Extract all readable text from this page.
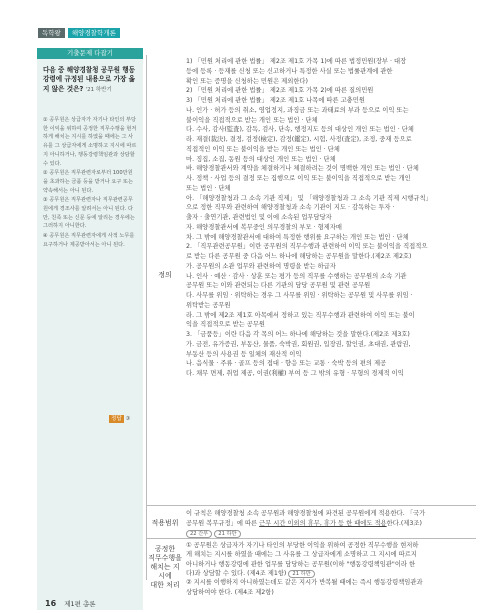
독학왕	해양경찰학개론
기출문제 다잡기
다음 중 해양경찰청 공무원 행동강령에 규정된 내용으로 가장 옳지 않은 것은? '21 하반기

① 공무원은 상급자가 자기나 타인의 부당한 이익을 위하여 공정한 직무수행을 현저하게 해치는 지시를 하였을 때에는 그 사유를 그 상급자에게 소명하고 지시에 따르지 아니하거나, 행동강령책임관과 상담할 수 있다.

② 공무원은 직무관련자로부터 100만원을 초과하는 금품 등을 받거나 요구 또는 약속해서는 아니 된다.

③ 공무원은 직무관련자나 직무관련공무원에게 경조사를 알려서는 아니 된다. 다만, 친족 또는 신문 등에 알리는 경우에는 그러하지 아니한다.

④ 공무원은 직무관련자에게 사적 노무를 요구하거나 제공받아서는 아니 된다.

정답 ③
정의
1) 「민원 처리에 관한 법률」 제2조 제1호 가목 1)에 따른 법정민원(장부 · 대장
등에 등록 · 등재를 신청 또는 신고하거나 특정한 사실 또는 법률관계에 관한
확인 또는 증명을 신청하는 민원은 제외한다)
2) 「민원 처리에 관한 법률」 제2조 제1호 가목 2)에 따른 질의민원
3) 「민원 처리에 관한 법률」 제2조 제1호 나목에 따른 고충민원
나. 인가 · 허가 등의 취소, 영업정지, 과징금 또는 과태료의 부과 등으로 이익 또는
불이익을 직접적으로 받는 개인 또는 법인 · 단체
다. 수사, 감사(監査), 감독, 검사, 단속, 행정지도 등의 대상인 개인 또는 법인 · 단체
라. 재결(裁決), 결정, 검정(檢定), 감정(鑑定), 시험, 사정(査定), 조정, 중재 등으로
직접적인 이익 또는 불이익을 받는 개인 또는 법인 · 단체
마. 징집, 소집, 동원 등의 대상인 개인 또는 법인 · 단체
바. 해양경찰관서와 계약을 체결하거나 체결하려는 것이 명백한 개인 또는 법인 · 단체
사. 정책 · 사업 등의 결정 또는 집행으로 이익 또는 불이익을 직접적으로 받는 개인
또는 법인 · 단체
아. 「해양경찰청과 그 소속 기관 직제」 및 「해양경찰청과 그 소속 기관 직제 시행규칙」
으로 정한 직무와 관련하여 해양경찰청과 소속 기관이 지도 · 감독하는 투자 ·
출자 · 출연기관, 관련법인 및 이에 소속된 업무담당자
자. 해양경찰관서에 복무중인 의무경찰의 부모 · 형제자매
차. 그 밖에 해양경찰관서에 대하여 특정한 행위를 요구하는 개인 또는 법인 · 단체
2. 「직무관련공무원」이란 공무원의 직무수행과 관련하여 이익 또는 불이익을 직접적으
로 받는 다른 공무원 중 다음 어느 하나에 해당하는 공무원을 말한다.(제2조 제2호)
가. 공무원의 소관 업무와 관련하여 명령을 받는 하급자
나. 인사 · 예산 · 감사 · 상훈 또는 평가 등의 직무를 수행하는 공무원의 소속 기관
공무원 또는 이와 관련되는 다른 기관의 담당 공무원 및 관련 공무원
다. 사무를 위임 · 위탁하는 경우 그 사무를 위임 · 위탁하는 공무원 및 사무를 위임 ·
위탁받는 공무원
라. 그 밖에 제2조 제1호 아목에서 정하고 있는 직무수행과 관련하여 이익 또는 불이
익을 직접적으로 받는 공무원
3. 「금품등」이란 다음 각 목의 어느 하나에 해당하는 것을 말한다.(제2조 제3호)
가. 금전, 유가증권, 부동산, 물품, 숙박권, 회원권, 입장권, 할인권, 초대권, 관람권,
부동산 등의 사용권 등 일체의 재산적 이익
나. 음식물 · 주류 · 골프 등의 접대 · 향응 또는 교통 · 숙박 등의 편의 제공
다. 채무 면제, 취업 제공, 이권(利權) 부여 등 그 밖의 유형 · 무형의 경제적 이익
적용범위
이 규칙은 해양경찰청 소속 공무원과 해양경찰청에 파견된 공무원에게 적용한다. 「국가
공무원 복무규정」에 따른 근무 시간 이외의 휴무, 휴가 등 한 때에도 적용한다.(제3조)
22 간부 21 하반
공정한
직무수행을
해치는 지시에
대한 처리
① 공무원은 상급자가 자기나 타인의 부당한 이익을 위하여 공정한 직무수행을 현저하
게 해치는 지시를 하였을 때에는 그 사유를 그 상급자에게 소명하고 그 지시에 따르지
아니하거나 행동강령에 관한 업무를 담당하는 공무원(이하 "행동강령책임관"이라 한
다)과 상담할 수 있다. (제4조 제1항) 21 하반
② 지시를 이행하지 아니하였는데도 같은 지시가 반복될 때에는 즉시 행동강령책임관과
상담하여야 한다. (제4조 제2항)
16 제1편 총론
